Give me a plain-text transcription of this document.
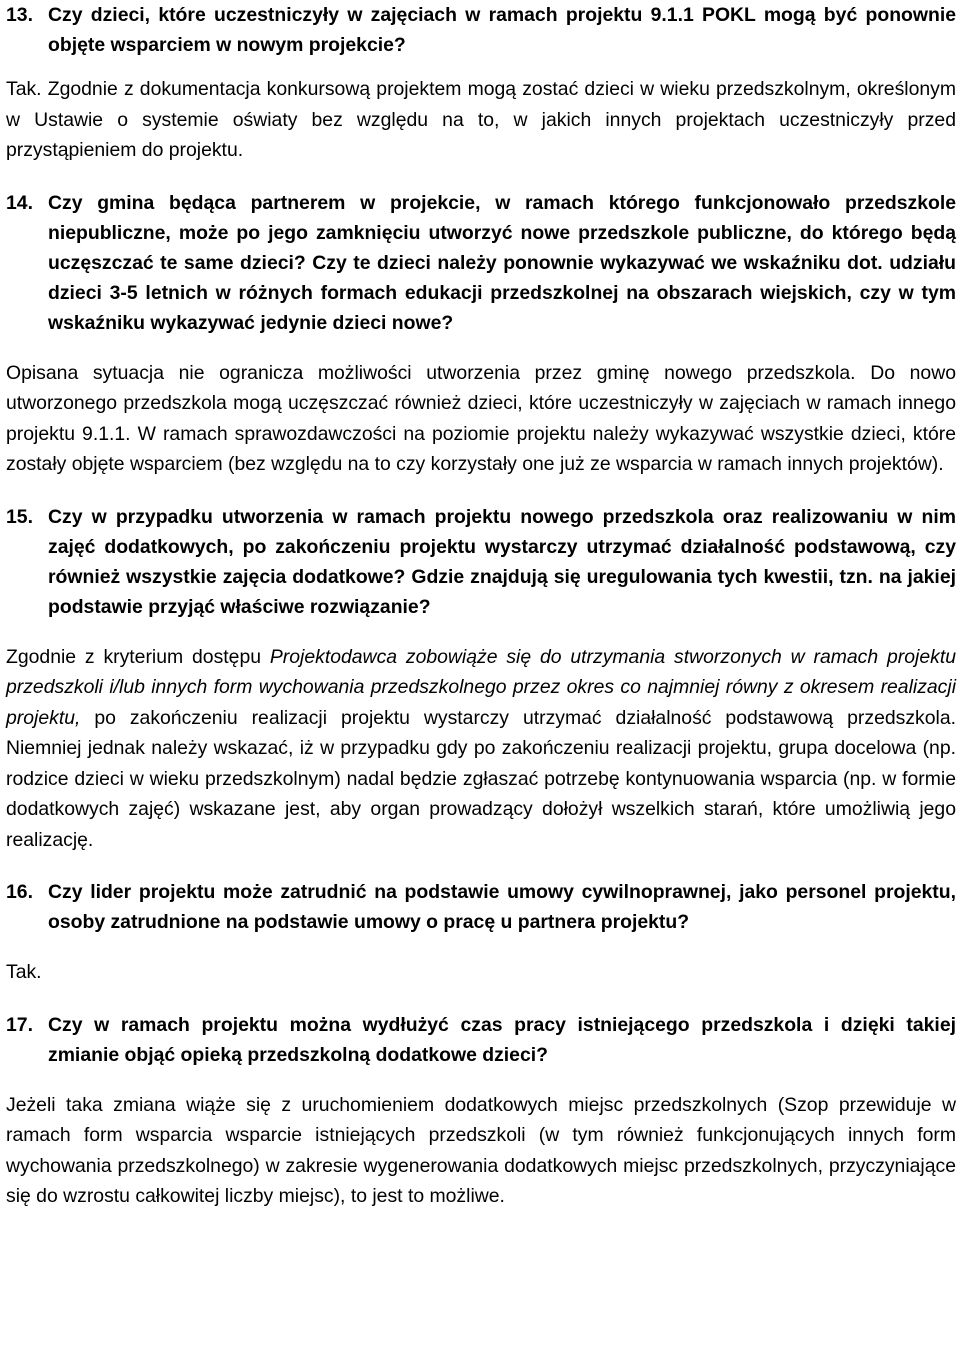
13. Czy dzieci, które uczestniczyły w zajęciach w ramach projektu 9.1.1 POKL mogą być ponownie objęte wsparciem w nowym projekcie?

Tak. Zgodnie z dokumentacja konkursową projektem mogą zostać dzieci w wieku przedszkolnym, określonym w Ustawie o systemie oświaty bez względu na to, w jakich innych projektach uczestniczyły przed przystąpieniem do projektu.

14. Czy gmina będąca partnerem w projekcie, w ramach którego funkcjonowało przedszkole niepubliczne, może po jego zamknięciu utworzyć nowe przedszkole publiczne, do którego będą uczęszczać te same dzieci? Czy te dzieci należy ponownie wykazywać we wskaźniku dot. udziału dzieci 3-5 letnich w różnych formach edukacji przedszkolnej na obszarach wiejskich, czy w tym wskaźniku wykazywać jedynie dzieci nowe?

Opisana sytuacja nie ogranicza możliwości utworzenia przez gminę nowego przedszkola. Do nowo utworzonego przedszkola mogą uczęszczać również dzieci, które uczestniczyły w zajęciach w ramach innego projektu 9.1.1. W ramach sprawozdawczości na poziomie projektu należy wykazywać wszystkie dzieci, które zostały objęte wsparciem (bez względu na to czy korzystały one już ze wsparcia w ramach innych projektów).

15. Czy w przypadku utworzenia w ramach projektu nowego przedszkola oraz realizowaniu w nim zajęć dodatkowych, po zakończeniu projektu wystarczy utrzymać działalność podstawową, czy również wszystkie zajęcia dodatkowe? Gdzie znajdują się uregulowania tych kwestii, tzn. na jakiej podstawie przyjąć właściwe rozwiązanie?

Zgodnie z kryterium dostępu Projektodawca zobowiąże się do utrzymania stworzonych w ramach projektu przedszkoli i/lub innych form wychowania przedszkolnego przez okres co najmniej równy z okresem realizacji projektu, po zakończeniu realizacji projektu wystarczy utrzymać działalność podstawową przedszkola. Niemniej jednak należy wskazać, iż w przypadku gdy po zakończeniu realizacji projektu, grupa docelowa (np. rodzice dzieci w wieku przedszkolnym) nadal będzie zgłaszać potrzebę kontynuowania wsparcia (np. w formie dodatkowych zajęć) wskazane jest, aby organ prowadzący dołożył wszelkich starań, które umożliwią jego realizację.

16. Czy lider projektu może zatrudnić na podstawie umowy cywilnoprawnej, jako personel projektu, osoby zatrudnione na podstawie umowy o pracę u partnera projektu?

Tak.

17. Czy w ramach projektu można wydłużyć czas pracy istniejącego przedszkola i dzięki takiej zmianie objąć opieką przedszkolną dodatkowe dzieci?

Jeżeli taka zmiana wiąże się z uruchomieniem dodatkowych miejsc przedszkolnych (Szop przewiduje w ramach form wsparcia wsparcie istniejących przedszkoli (w tym również funkcjonujących innych form wychowania przedszkolnego) w zakresie wygenerowania dodatkowych miejsc przedszkolnych, przyczyniające się do wzrostu całkowitej liczby miejsc), to jest to możliwe.
